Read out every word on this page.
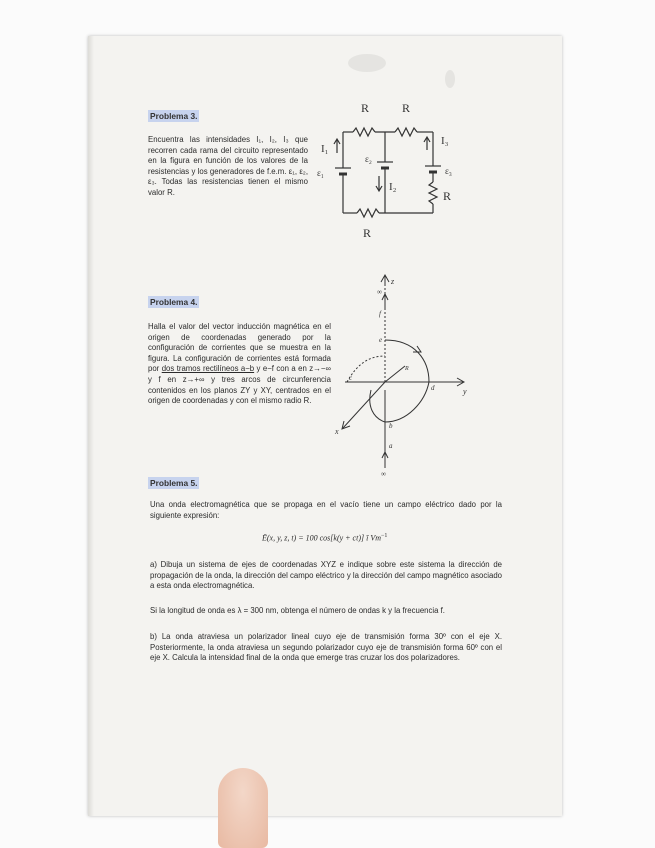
Problema 3.
Encuentra las intensidades I₁, I₂, I₃ que recorren cada rama del circuito representado en la figura en función de los valores de la resistencias y los generadores de f.e.m. ε₁, ε₂, ε₃. Todas las resistencias tienen el mismo valor R.
R	R
R
R
I₁
I₂
I₃
ε₁
ε₂
ε₃
Problema 4.
Halla el valor del vector inducción magnética en el origen de coordenadas generado por la configuración de corrientes que se muestra en la figura. La configuración de corrientes está formada por dos tramos rectilíneos a−b y e−f con a en z→−∞ y f en z→+∞ y tres arcos de circunferencia contenidos en los planos ZY y XY, centrados en el origen de coordenadas y con el mismo radio R.
z
y
x
∞
∞
f
e
c
d
b
a
R
Problema 5.
Una onda electromagnética que se propaga en el vacío tiene un campo eléctrico dado por la siguiente expresión:
Ē(x, y, z, t) = 100 cos[k(y + ct)] ī $Vm^{-1}$
a) Dibuja un sistema de ejes de coordenadas XYZ e indique sobre este sistema la dirección de propagación de la onda, la dirección del campo eléctrico y la dirección del campo magnético asociado a esta onda electromagnética.
Si la longitud de onda es λ = 300 nm, obtenga el número de ondas k y la frecuencia f.
b) La onda atraviesa un polarizador lineal cuyo eje de transmisión forma 30º con el eje X. Posteriormente, la onda atraviesa un segundo polarizador cuyo eje de transmisión forma 60º con el eje X. Calcula la intensidad final de la onda que emerge tras cruzar los dos polarizadores.
